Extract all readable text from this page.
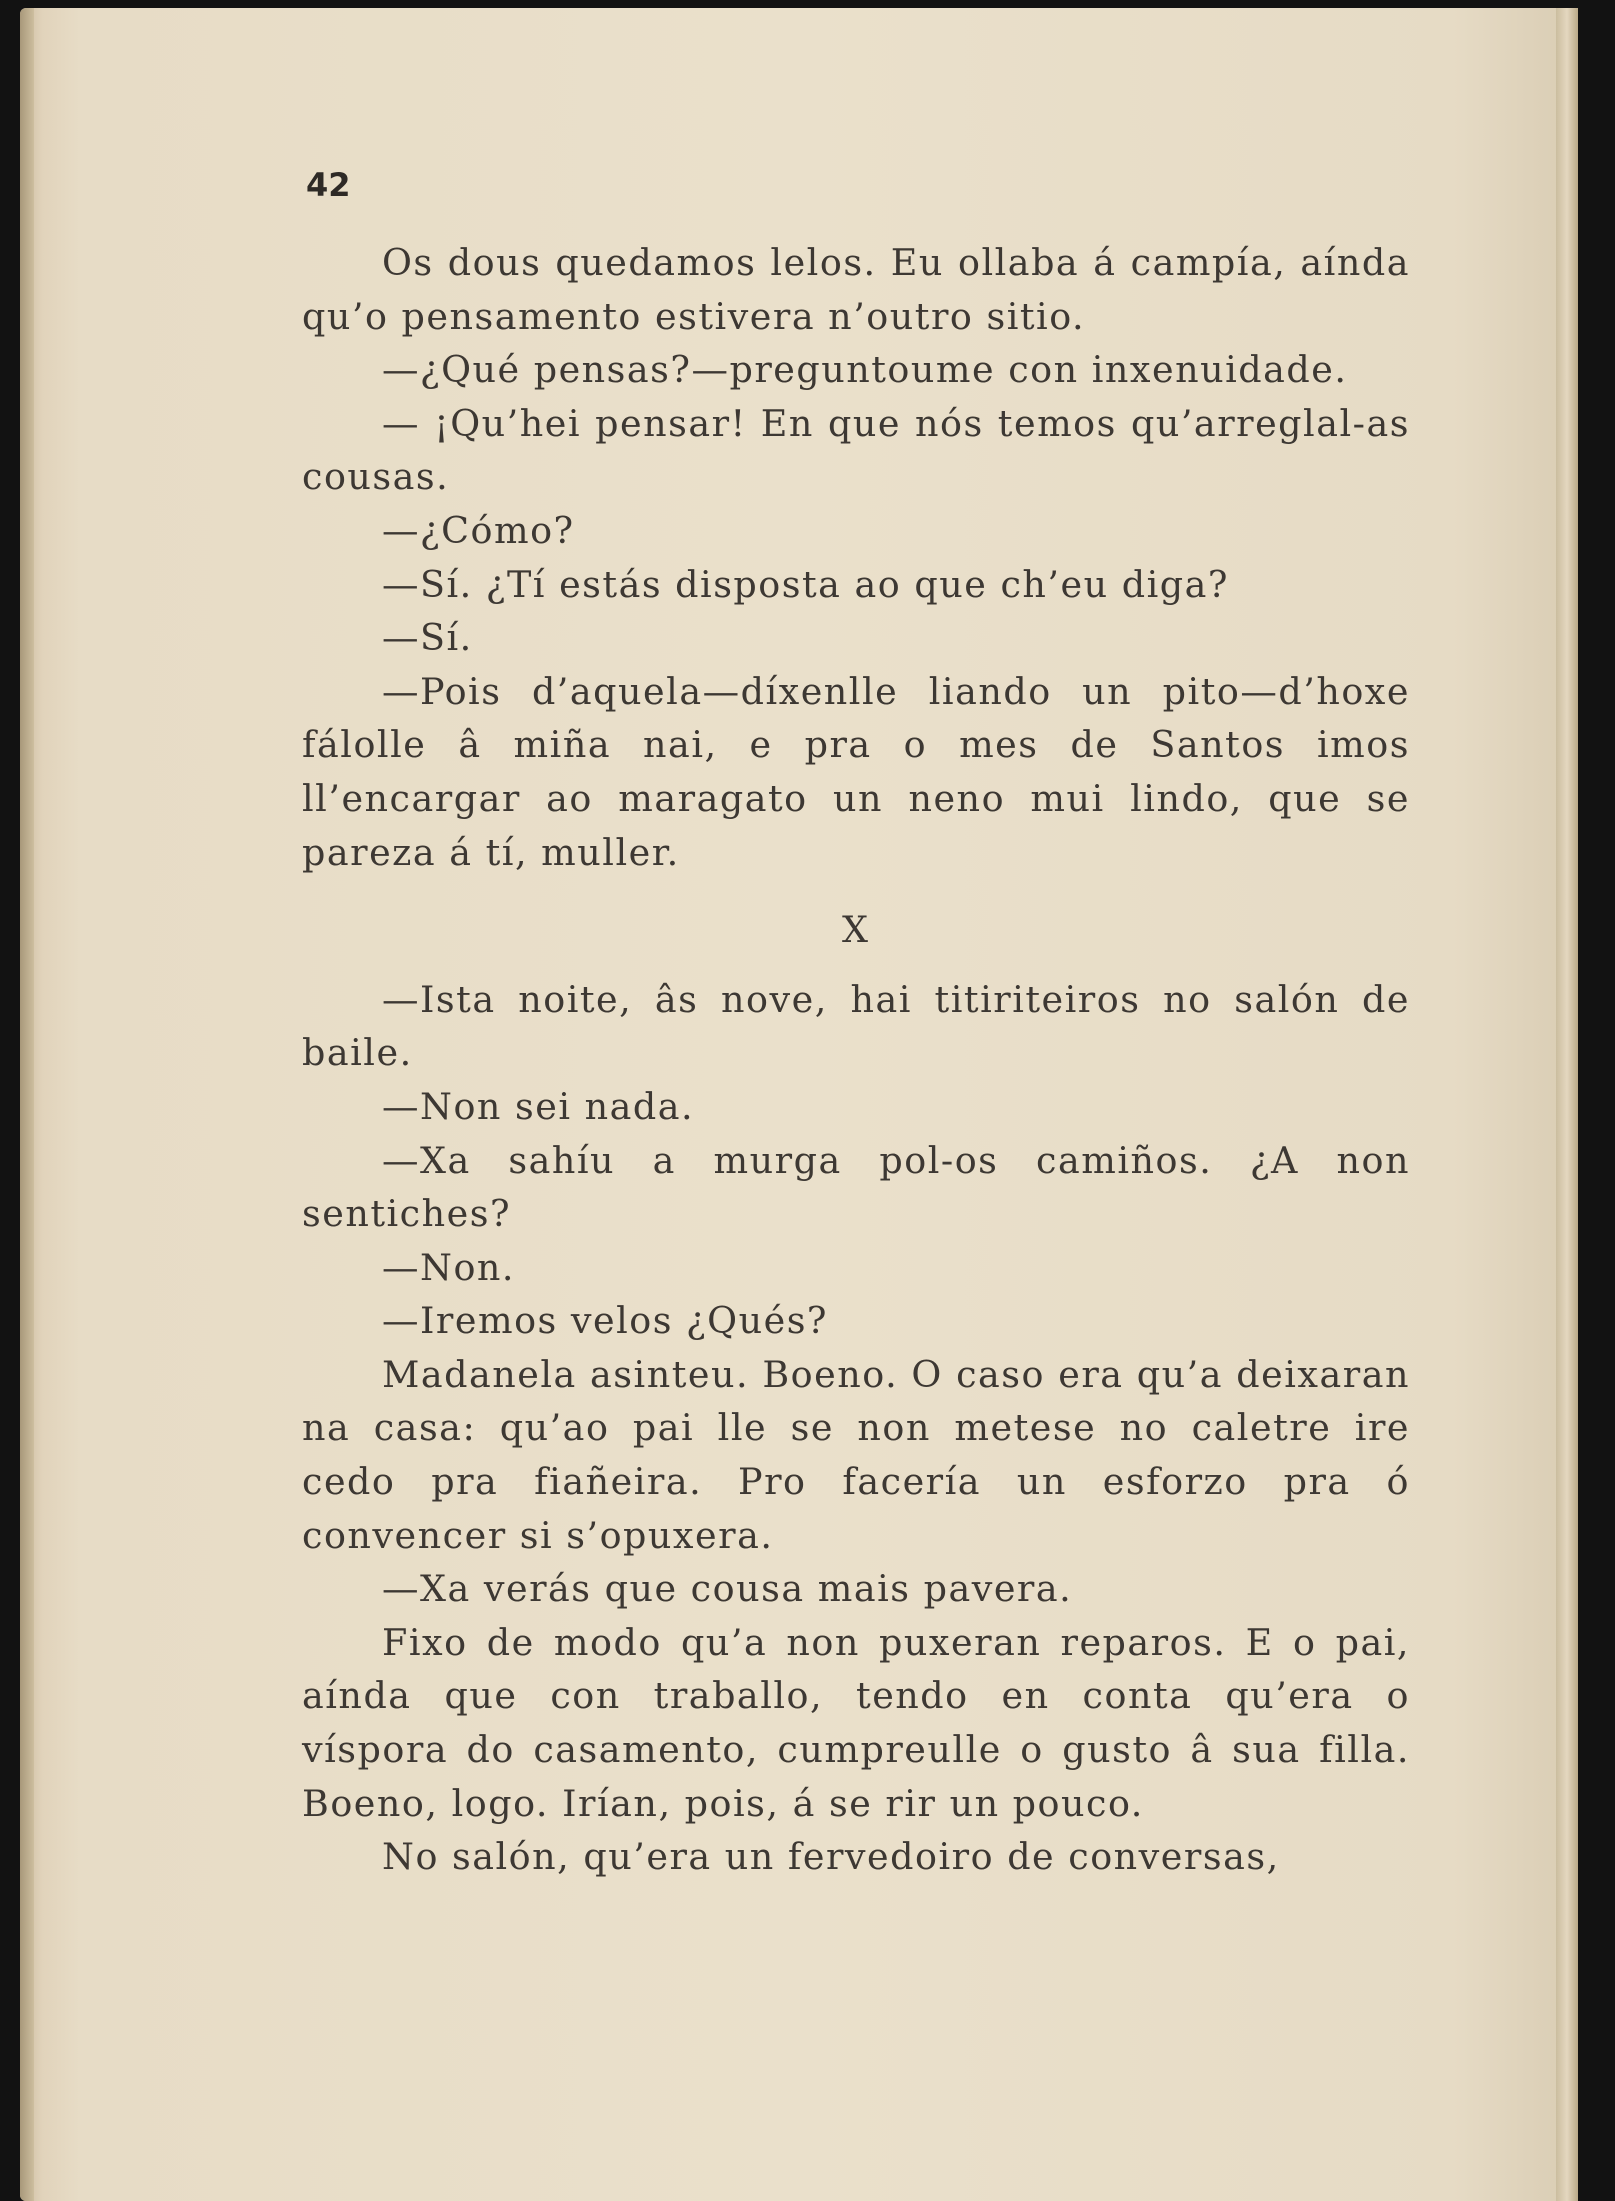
42

Os dous quedamos lelos. Eu ollaba á campía, aínda qu’o pensamento estivera n’outro sitio.

—¿Qué pensas?—preguntoume con inxenuidade.

— ¡Qu’hei pensar! En que nós temos qu’arreglal-as cousas.

—¿Cómo?

—Sí. ¿Tí estás disposta ao que ch’eu diga?

—Sí.

—Pois d’aquela—díxenlle liando un pito—d’hoxe fálolle â miña nai, e pra o mes de Santos imos ll’encargar ao maragato un neno mui lindo, que se pareza á tí, muller.

X

—Ista noite, âs nove, hai titiriteiros no salón de baile.

—Non sei nada.

—Xa sahíu a murga pol-os camiños. ¿A non sentiches?

—Non.

—Iremos velos ¿Qués?

Madanela asinteu. Boeno. O caso era qu’a deixaran na casa: qu’ao pai lle se non metese no caletre ire cedo pra fiañeira. Pro facería un esforzo pra ó convencer si s’opuxera.

—Xa verás que cousa mais pavera.

Fixo de modo qu’a non puxeran reparos. E o pai, aínda que con traballo, tendo en conta qu’era o víspora do casamento, cumpreulle o gusto â sua filla. Boeno, logo. Irían, pois, á se rir un pouco.

No salón, qu’era un fervedoiro de conversas,
